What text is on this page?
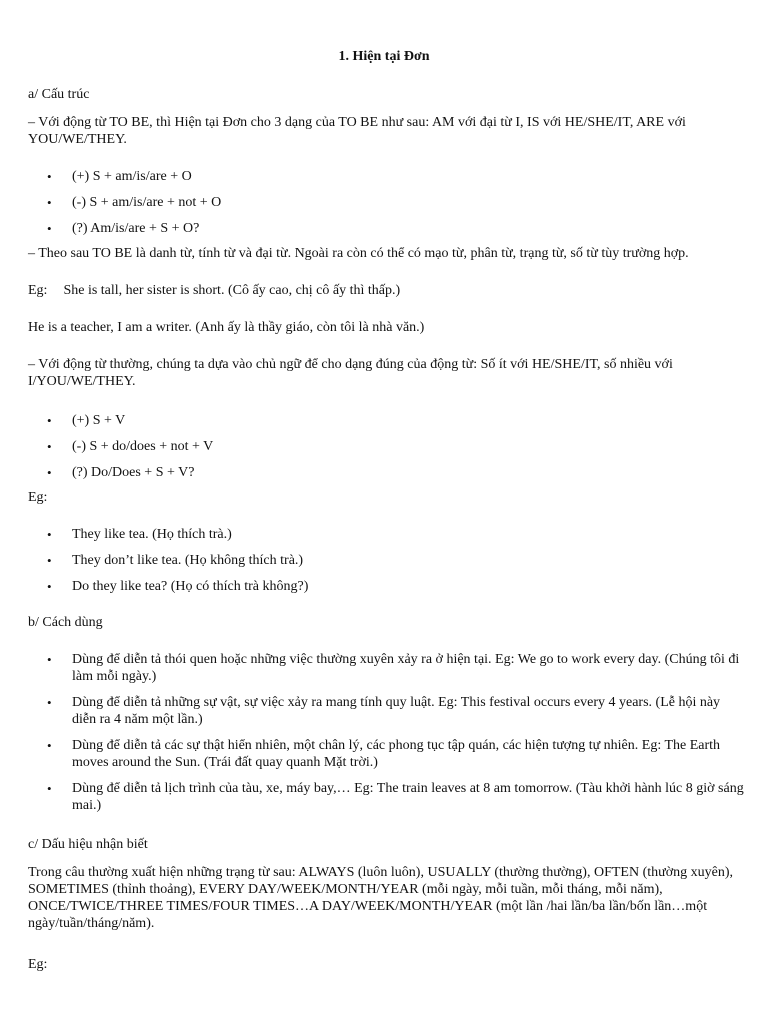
1. Hiện tại Đơn

a/ Cấu trúc

– Với động từ TO BE, thì Hiện tại Đơn cho 3 dạng của TO BE như sau: AM với đại từ I, IS với HE/SHE/IT, ARE với YOU/WE/THEY.

• (+) S + am/is/are + O
• (-) S + am/is/are + not + O
• (?) Am/is/are + S + O?

– Theo sau TO BE là danh từ, tính từ và đại từ. Ngoài ra còn có thể có mạo từ, phân từ, trạng từ, số từ tùy trường hợp.

Eg: She is tall, her sister is short. (Cô ấy cao, chị cô ấy thì thấp.)

He is a teacher, I am a writer. (Anh ấy là thầy giáo, còn tôi là nhà văn.)

– Với động từ thường, chúng ta dựa vào chủ ngữ để cho dạng đúng của động từ: Số ít với HE/SHE/IT, số nhiều với I/YOU/WE/THEY.

• (+) S + V
• (-) S + do/does + not + V
• (?) Do/Does + S + V?

Eg:

• They like tea. (Họ thích trà.)
• They don’t like tea. (Họ không thích trà.)
• Do they like tea? (Họ có thích trà không?)

b/ Cách dùng

• Dùng để diễn tả thói quen hoặc những việc thường xuyên xảy ra ở hiện tại. Eg: We go to work every day. (Chúng tôi đi làm mỗi ngày.)
• Dùng để diễn tả những sự vật, sự việc xảy ra mang tính quy luật. Eg: This festival occurs every 4 years. (Lễ hội này diễn ra 4 năm một lần.)
• Dùng để diễn tả các sự thật hiển nhiên, một chân lý, các phong tục tập quán, các hiện tượng tự nhiên. Eg: The Earth moves around the Sun. (Trái đất quay quanh Mặt trời.)
• Dùng để diễn tả lịch trình của tàu, xe, máy bay,… Eg: The train leaves at 8 am tomorrow. (Tàu khởi hành lúc 8 giờ sáng mai.)

c/ Dấu hiệu nhận biết

Trong câu thường xuất hiện những trạng từ sau: ALWAYS (luôn luôn), USUALLY (thường thường), OFTEN (thường xuyên), SOMETIMES (thỉnh thoảng), EVERY DAY/WEEK/MONTH/YEAR (mỗi ngày, mỗi tuần, mỗi tháng, mỗi năm), ONCE/TWICE/THREE TIMES/FOUR TIMES…A DAY/WEEK/MONTH/YEAR (một lần /hai lần/ba lần/bốn lần…một ngày/tuần/tháng/năm).

Eg:
